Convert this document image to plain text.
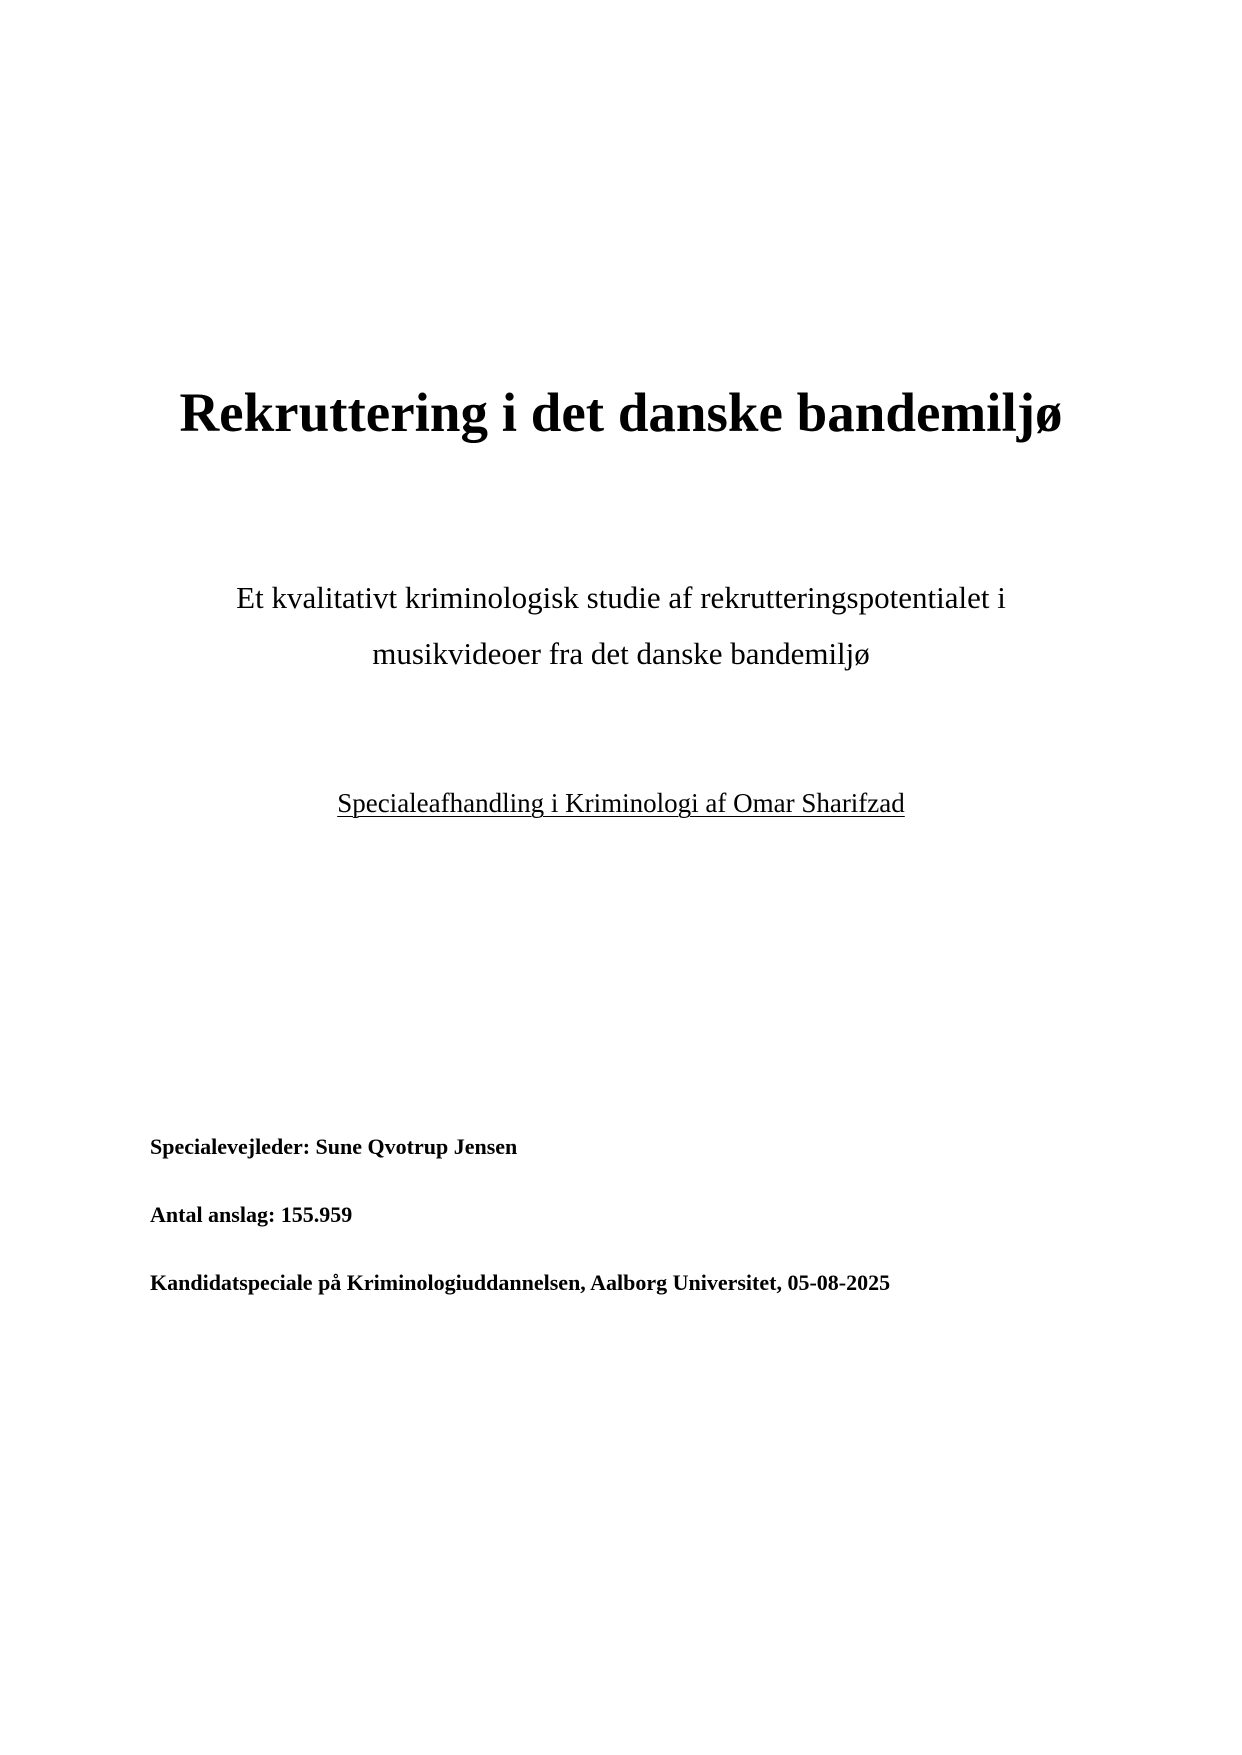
Rekruttering i det danske bandemiljø

Et kvalitativt kriminologisk studie af rekrutteringspotentialet i
musikvideoer fra det danske bandemiljø

Specialeafhandling i Kriminologi af Omar Sharifzad

Specialevejleder: Sune Qvotrup Jensen

Antal anslag: 155.959

Kandidatspeciale på Kriminologiuddannelsen, Aalborg Universitet, 05-08-2025
